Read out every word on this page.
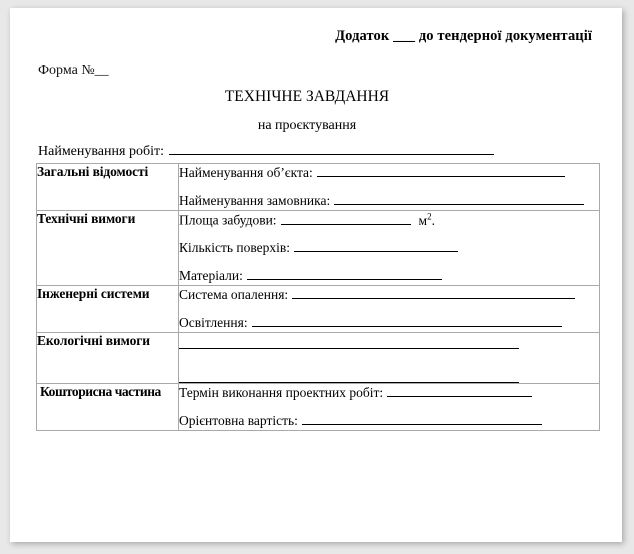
Додаток ___ до тендерної документації
Форма №__
ТЕХНІЧНЕ ЗАВДАННЯ
на проєктування
Найменування робіт:
Загальні відомості	Найменування обʼєкта:
Найменування замовника:

Технічні вимоги	Площа забудови: $м^2$.
Кількість поверхів:
Матеріали:

Інженерні системи	Система опалення:
Освітлення:

Екологічні вимоги	

Кошторисна частина	Термін виконання проектних робіт:
Орієнтовна вартість:
